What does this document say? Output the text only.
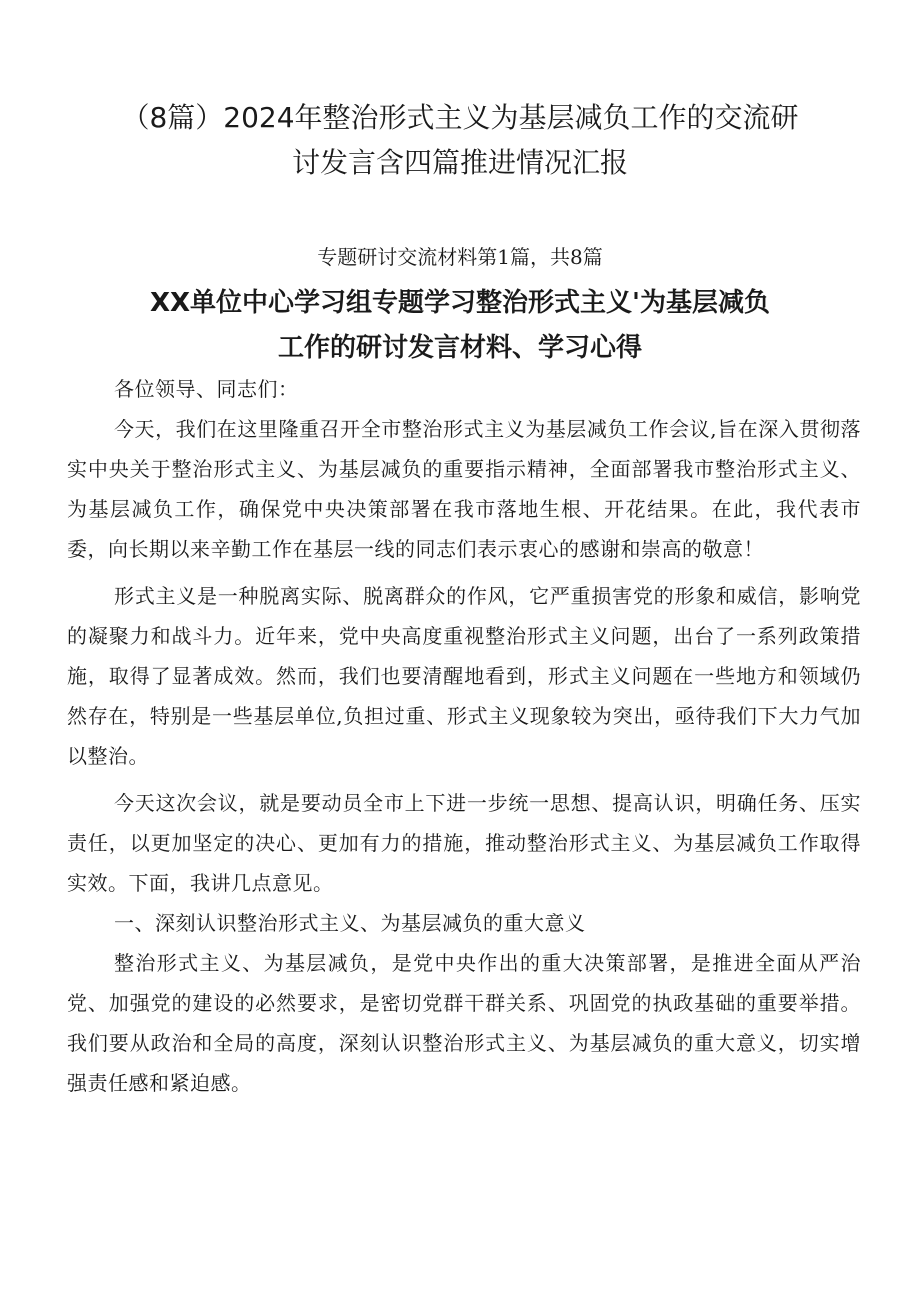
（8篇）2024年整治形式主义为基层减负工作的交流研
讨发言含四篇推进情况汇报

专题研讨交流材料第1篇，共8篇

XX单位中心学习组专题学习整治形式主义'为基层减负
工作的研讨发言材料、学习心得

各位领导、同志们：

今天，我们在这里隆重召开全市整治形式主义为基层减负工作会议,旨在深入贯彻落实中央关于整治形式主义、为基层减负的重要指示精神，全面部署我市整治形式主义、为基层减负工作，确保党中央决策部署在我市落地生根、开花结果。在此，我代表市委，向长期以来辛勤工作在基层一线的同志们表示衷心的感谢和崇高的敬意！

形式主义是一种脱离实际、脱离群众的作风，它严重损害党的形象和威信，影响党的凝聚力和战斗力。近年来，党中央高度重视整治形式主义问题，出台了一系列政策措施，取得了显著成效。然而，我们也要清醒地看到，形式主义问题在一些地方和领域仍然存在，特别是一些基层单位,负担过重、形式主义现象较为突出，亟待我们下大力气加以整治。

今天这次会议，就是要动员全市上下进一步统一思想、提高认识，明确任务、压实责任，以更加坚定的决心、更加有力的措施，推动整治形式主义、为基层减负工作取得实效。下面，我讲几点意见。

一、深刻认识整治形式主义、为基层减负的重大意义

整治形式主义、为基层减负，是党中央作出的重大决策部署，是推进全面从严治党、加强党的建设的必然要求，是密切党群干群关系、巩固党的执政基础的重要举措。我们要从政治和全局的高度，深刻认识整治形式主义、为基层减负的重大意义，切实增强责任感和紧迫感。
